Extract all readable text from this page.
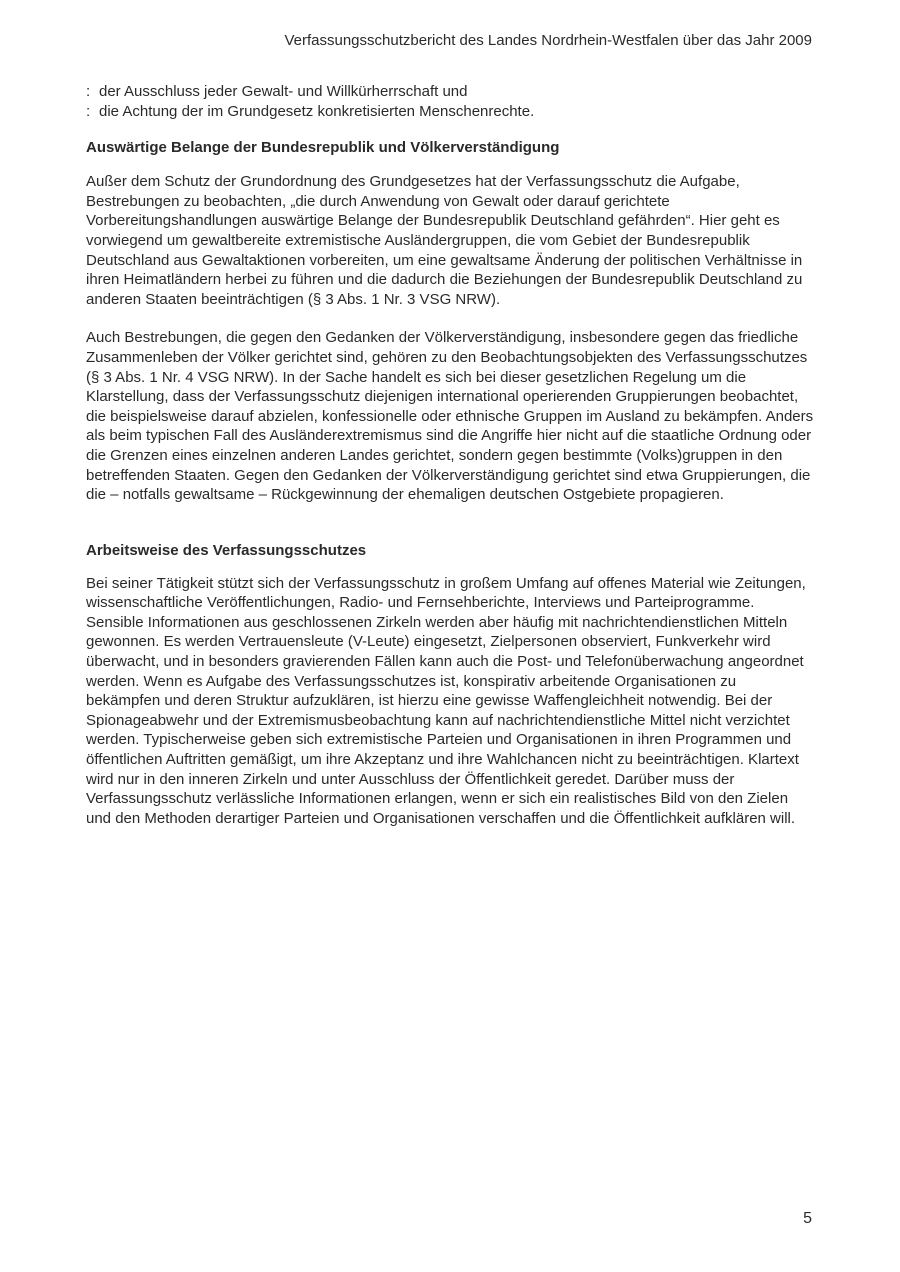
Verfassungsschutzbericht des Landes Nordrhein-Westfalen über das Jahr 2009
: der Ausschluss jeder Gewalt- und Willkürherrschaft und
: die Achtung der im Grundgesetz konkretisierten Menschenrechte.
Auswärtige Belange der Bundesrepublik und Völkerverständigung

Außer dem Schutz der Grundordnung des Grundgesetzes hat der Verfassungsschutz die Aufgabe, Bestrebungen zu beobachten, „die durch Anwendung von Gewalt oder darauf gerichtete Vorbereitungshandlungen auswärtige Belange der Bundesrepublik Deutschland gefährden“. Hier geht es vorwiegend um gewaltbereite extremistische Ausländergruppen, die vom Gebiet der Bundesrepublik Deutschland aus Gewaltaktionen vorbereiten, um eine gewaltsame Änderung der politischen Verhältnisse in ihren Heimatländern herbei zu führen und die dadurch die Beziehungen der Bundesrepublik Deutschland zu anderen Staaten beeinträchtigen (§ 3 Abs. 1 Nr. 3 VSG NRW).

Auch Bestrebungen, die gegen den Gedanken der Völkerverständigung, insbesondere gegen das friedliche Zusammenleben der Völker gerichtet sind, gehören zu den Beobachtungsobjekten des Verfassungsschutzes (§ 3 Abs. 1 Nr. 4 VSG NRW). In der Sache handelt es sich bei dieser gesetzlichen Regelung um die Klarstellung, dass der Verfassungsschutz diejenigen international operierenden Gruppierungen beobachtet, die beispielsweise darauf abzielen, konfessionelle oder ethnische Gruppen im Ausland zu bekämpfen. Anders als beim typischen Fall des Ausländerextremismus sind die Angriffe hier nicht auf die staatliche Ordnung oder die Grenzen eines einzelnen anderen Landes gerichtet, sondern gegen bestimmte (Volks)gruppen in den betreffenden Staaten. Gegen den Gedanken der Völkerverständigung gerichtet sind etwa Gruppierungen, die die – notfalls gewaltsame – Rückgewinnung der ehemaligen deutschen Ostgebiete propagieren.

Arbeitsweise des Verfassungsschutzes

Bei seiner Tätigkeit stützt sich der Verfassungsschutz in großem Umfang auf offenes Material wie Zeitungen, wissenschaftliche Veröffentlichungen, Radio- und Fernsehberichte, Interviews und Parteiprogramme. Sensible Informationen aus geschlossenen Zirkeln werden aber häufig mit nachrichtendienstlichen Mitteln gewonnen. Es werden Vertrauensleute (V-Leute) eingesetzt, Zielpersonen observiert, Funkverkehr wird überwacht, und in besonders gravierenden Fällen kann auch die Post- und Telefonüberwachung angeordnet werden. Wenn es Aufgabe des Verfassungsschutzes ist, konspirativ arbeitende Organisationen zu bekämpfen und deren Struktur aufzuklären, ist hierzu eine gewisse Waffengleichheit notwendig. Bei der Spionageabwehr und der Extremismusbeobachtung kann auf nachrichtendienstliche Mittel nicht verzichtet werden. Typischerweise geben sich extremistische Parteien und Organisationen in ihren Programmen und öffentlichen Auftritten gemäßigt, um ihre Akzeptanz und ihre Wahlchancen nicht zu beeinträchtigen. Klartext wird nur in den inneren Zirkeln und unter Ausschluss der Öffentlichkeit geredet. Darüber muss der Verfassungsschutz verlässliche Informationen erlangen, wenn er sich ein realistisches Bild von den Zielen und den Methoden derartiger Parteien und Organisationen verschaffen und die Öffentlichkeit aufklären will.

5
